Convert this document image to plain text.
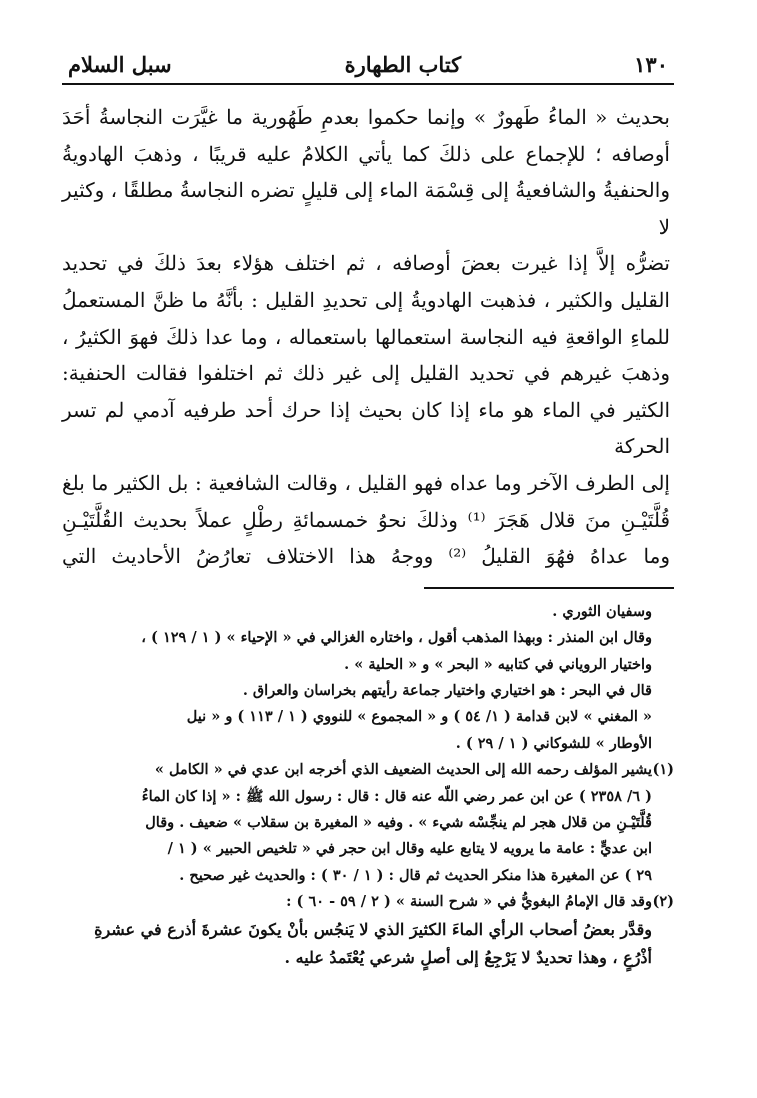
١٣٠
كتاب الطهارة
سبل السلام

بحديث « الماءُ طَهورٌ » وإنما حكموا بعدمِ طَهُورية ما غيَّرَت النجاسةُ أحَدَ

أوصافه ؛ للإجماع على ذلكَ كما يأتي الكلامُ عليه قريبًا ، وذهبَ الهادويةُ

والحنفيةُ والشافعيةُ إلى قِسْمَة الماء إلى قليلٍ تضره النجاسةُ مطلقًا ، وكثير لا

تضرُّه إلاَّ إذا غيرت بعضَ أوصافه ، ثم اختلف هؤلاء بعدَ ذلكَ في تحديد

القليل والكثير ، فذهبت الهادويةُ إلى تحديدِ القليل : بأنَّهُ ما ظنَّ المستعملُ

للماءِ الواقعةِ فيه النجاسة استعمالها باستعماله ، وما عدا ذلكَ فهوَ الكثيرُ ،

وذهبَ غيرهم في تحديد القليل إلى غير ذلك ثم اختلفوا فقالت الحنفية:

الكثير في الماء هو ماء إذا كان بحيث إذا حرك أحد طرفيه آدمي لم تسر الحركة

إلى الطرف الآخر وما عداه فهو القليل ، وقالت الشافعية : بل الكثير ما بلغ

قُلَّتَيْـنِ منَ قلال هَجَرَ ⁽¹⁾ وذلكَ نحوُ خمسمائةِ رطْلٍ عملاً بحديث القُلَّتَيْـنِ

وما عداهُ فهُوَ القليلُ ⁽²⁾ ووجهُ هذا الاختلاف تعارُضُ الأحاديث التي

وسفيان الثوري .

وقال ابن المنذر : وبهذا المذهب أقول ، واختاره الغزالي في « الإحياء » ( ١ / ١٢٩ ) ،

واختيار الروياني في كتابيه « البحر » و « الحلية » .

قال في البحر : هو اختياري واختيار جماعة رأيتهم بخراسان والعراق .

« المغني » لابن قدامة ( ١/ ٥٤ ) و « المجموع » للنووي ( ١ / ١١٣ ) و « نيل

الأوطار » للشوكاني ( ١ / ٢٩ ) .

(١)

يشير المؤلف رحمه الله إلى الحديث الضعيف الذي أخرجه ابن عدي في « الكامل »

( ٦/ ٢٣٥٨ ) عن ابن عمر رضي اللّه عنه قال : قال : رسول الله ﷺ : « إذا كان الماءُ

قُلَّتَيْـنِ من قلال هجر لم ينجِّسْه شيء » . وفيه « المغيرة بن سقلاب » ضعيف . وقال

ابن عديٍّ : عامة ما يرويه لا يتابع عليه وقال ابن حجر في « تلخيص الحبير » ( ١ /

٢٩ ) عن المغيرة هذا منكر الحديث ثم قال : ( ١ / ٣٠ ) : والحديث غير صحيح .

(٢)

وقد قال الإمامُ البغويُّ في « شرح السنة » ( ٢ / ٥٩ - ٦٠ ) :

وقدَّر بعضُ أصحاب الرأي الماءَ الكثيرَ الذي لا يَنجُس بأنْ يكونَ عشرةَ أذرع في عشرةِ

أذْرُعٍ ، وهذا تحديدٌ لا يَرْجِعُ إلى أصلٍ شرعي يُعْتَمدُ عليه .
